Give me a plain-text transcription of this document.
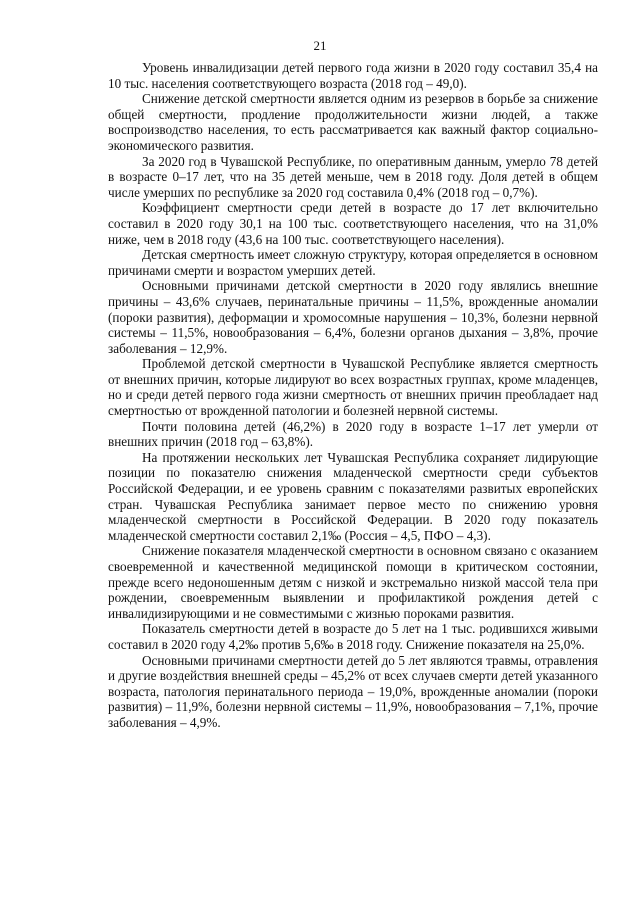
21

Уровень инвалидизации детей первого года жизни в 2020 году составил 35,4 на 10 тыс. населения соответствующего возраста (2018 год – 49,0).

Снижение детской смертности является одним из резервов в борьбе за снижение общей смертности, продление продолжительности жизни людей, а также воспроизводство населения, то есть рассматривается как важный фактор социально-экономического развития.

За 2020 год в Чувашской Республике, по оперативным данным, умерло 78 детей в возрасте 0–17 лет, что на 35 детей меньше, чем в 2018 году. Доля детей в общем числе умерших по республике за 2020 год составила 0,4% (2018 год – 0,7%).

Коэффициент смертности среди детей в возрасте до 17 лет включительно составил в 2020 году 30,1 на 100 тыс. соответствующего населения, что на 31,0% ниже, чем в 2018 году (43,6 на 100 тыс. соответствующего населения).

Детская смертность имеет сложную структуру, которая определяется в основном причинами смерти и возрастом умерших детей.

Основными причинами детской смертности в 2020 году являлись внешние причины – 43,6% случаев, перинатальные причины – 11,5%, врожденные аномалии (пороки развития), деформации и хромосомные нарушения – 10,3%, болезни нервной системы – 11,5%, новообразования – 6,4%, болезни органов дыхания – 3,8%, прочие заболевания – 12,9%.

Проблемой детской смертности в Чувашской Республике является смертность от внешних причин, которые лидируют во всех возрастных группах, кроме младенцев, но и среди детей первого года жизни смертность от внешних причин преобладает над смертностью от врожденной патологии и болезней нервной системы.

Почти половина детей (46,2%) в 2020 году в возрасте 1–17 лет умерли от внешних причин (2018 год – 63,8%).

На протяжении нескольких лет Чувашская Республика сохраняет лидирующие позиции по показателю снижения младенческой смертности среди субъектов Российской Федерации, и ее уровень сравним с показателями развитых европейских стран. Чувашская Республика занимает первое место по снижению уровня младенческой смертности в Российской Федерации. В 2020 году показатель младенческой смертности составил 2,1‰ (Россия – 4,5, ПФО – 4,3).

Снижение показателя младенческой смертности в основном связано с оказанием своевременной и качественной медицинской помощи в критическом состоянии, прежде всего недоношенным детям с низкой и экстремально низкой массой тела при рождении, своевременным выявлении и профилактикой рождения детей с инвалидизирующими и не совместимыми с жизнью пороками развития.

Показатель смертности детей в возрасте до 5 лет на 1 тыс. родившихся живыми составил в 2020 году 4,2‰ против 5,6‰ в 2018 году. Снижение показателя на 25,0%.

Основными причинами смертности детей до 5 лет являются травмы, отравления и другие воздействия внешней среды – 45,2% от всех случаев смерти детей указанного возраста, патология перинатального периода – 19,0%, врожденные аномалии (пороки развития) – 11,9%, болезни нервной системы – 11,9%, новообразования – 7,1%, прочие заболевания – 4,9%.
